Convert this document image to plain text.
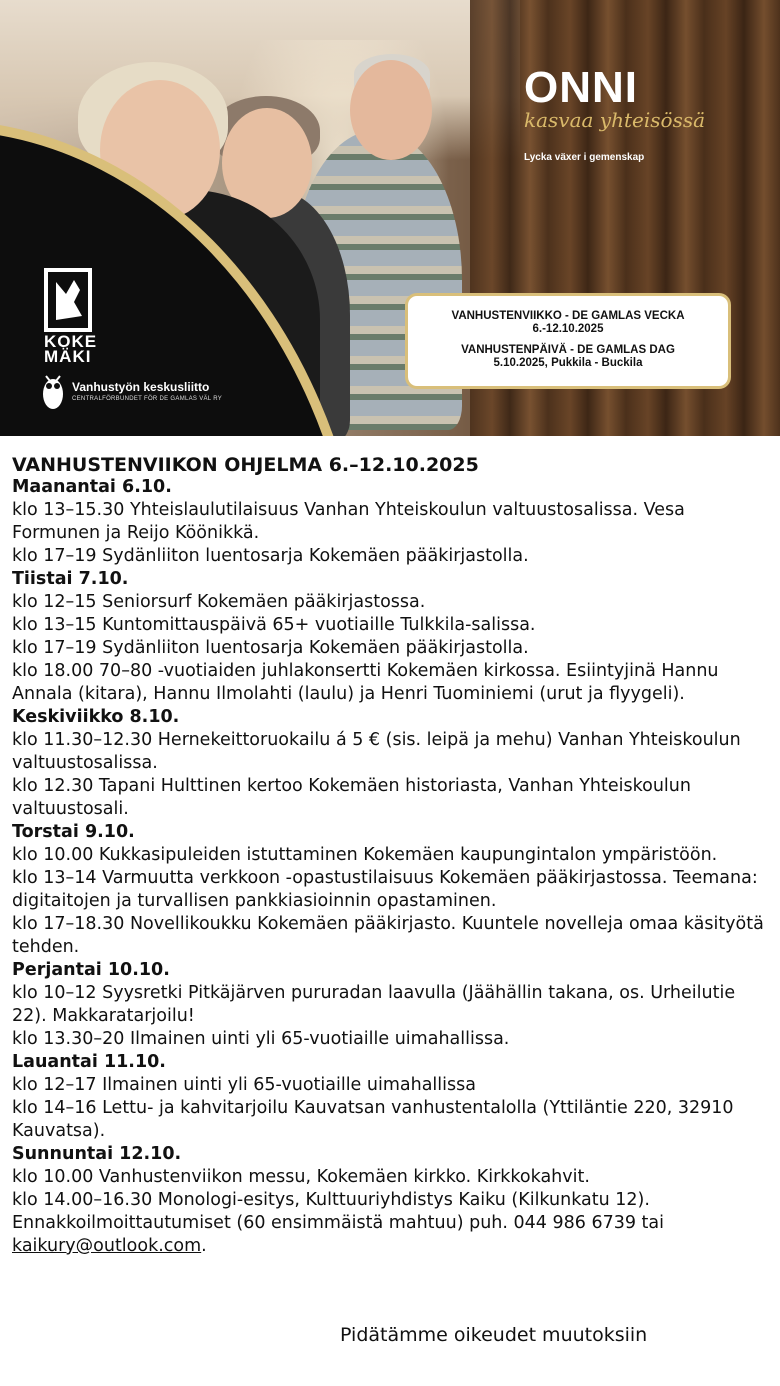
KOKE
MÄKI
Vanhustyön keskusliitto
CENTRALFÖRBUNDET FÖR DE GAMLAS VÄL RY
ONNI
kasvaa yhteisössä
Lycka växer i gemenskap
VANHUSTENVIIKKO - DE GAMLAS VECKA
6.-12.10.2025
VANHUSTENPÄIVÄ - DE GAMLAS DAG
5.10.2025, Pukkila - Buckila
VANHUSTENVIIKON OHJELMA 6.–12.10.2025
Maanantai 6.10.
klo 13–15.30 Yhteislaulutilaisuus Vanhan Yhteiskoulun valtuustosalissa. Vesa Formunen ja Reijo Köönikkä.
klo 17–19 Sydänliiton luentosarja Kokemäen pääkirjastolla.
Tiistai 7.10.
klo 12–15 Seniorsurf Kokemäen pääkirjastossa.
klo 13–15 Kuntomittauspäivä 65+ vuotiaille Tulkkila-salissa.
klo 17–19 Sydänliiton luentosarja Kokemäen pääkirjastolla.
klo 18.00 70–80 -vuotiaiden juhlakonsertti Kokemäen kirkossa. Esiintyjinä Hannu Annala (kitara), Hannu Ilmolahti (laulu) ja Henri Tuominiemi (urut ja flyygeli).
Keskiviikko 8.10.
klo 11.30–12.30 Hernekeittoruokailu á 5 € (sis. leipä ja mehu) Vanhan Yhteiskoulun valtuustosalissa.
klo 12.30 Tapani Hulttinen kertoo Kokemäen historiasta, Vanhan Yhteiskoulun valtuustosali.
Torstai 9.10.
klo 10.00 Kukkasipuleiden istuttaminen Kokemäen kaupungintalon ympäristöön.
klo 13–14 Varmuutta verkkoon -opastustilaisuus Kokemäen pääkirjastossa. Teemana: digitaitojen ja turvallisen pankkiasioinnin opastaminen.
klo 17–18.30 Novellikoukku Kokemäen pääkirjasto. Kuuntele novelleja omaa käsityötä tehden.
Perjantai 10.10.
klo 10–12 Syysretki Pitkäjärven pururadan laavulla (Jäähällin takana, os. Urheilutie 22). Makkaratarjoilu!
klo 13.30–20 Ilmainen uinti yli 65-vuotiaille uimahallissa.
Lauantai 11.10.
klo 12–17 Ilmainen uinti yli 65-vuotiaille uimahallissa
klo 14–16 Lettu- ja kahvitarjoilu Kauvatsan vanhustentalolla (Yttiläntie 220, 32910 Kauvatsa).
Sunnuntai 12.10.
klo 10.00 Vanhustenviikon messu, Kokemäen kirkko. Kirkkokahvit.
klo 14.00–16.30 Monologi-esitys, Kulttuuriyhdistys Kaiku (Kilkunkatu 12). Ennakkoilmoittautumiset (60 ensimmäistä mahtuu) puh. 044 986 6739 tai kaikury@outlook.com.
Pidätämme oikeudet muutoksiin
